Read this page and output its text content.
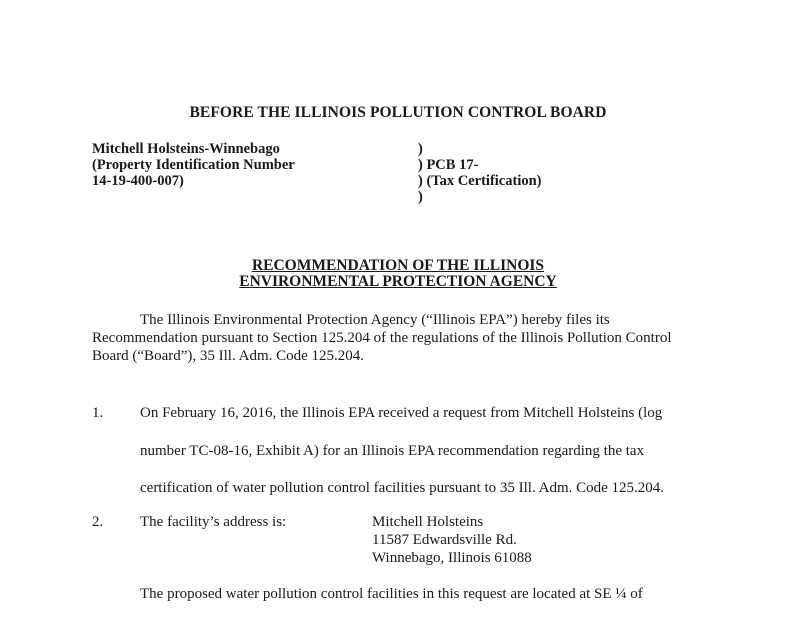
BEFORE THE ILLINOIS POLLUTION CONTROL BOARD
Mitchell Holsteins-Winnebago
(Property Identification Number
14-19-400-007)
)
) PCB 17-
) (Tax Certification)
)
RECOMMENDATION OF THE ILLINOIS
ENVIRONMENTAL PROTECTION AGENCY
The Illinois Environmental Protection Agency (“Illinois EPA”) hereby files its
Recommendation pursuant to Section 125.204 of the regulations of the Illinois Pollution Control
Board (“Board”), 35 Ill. Adm. Code 125.204.
1. On February 16, 2016, the Illinois EPA received a request from Mitchell Holsteins (log
number TC-08-16, Exhibit A) for an Illinois EPA recommendation regarding the tax
certification of water pollution control facilities pursuant to 35 Ill. Adm. Code 125.204.
2. The facility’s address is:	Mitchell Holsteins
11587 Edwardsville Rd.
Winnebago, Illinois 61088
The proposed water pollution control facilities in this request are located at SE ¼ of
